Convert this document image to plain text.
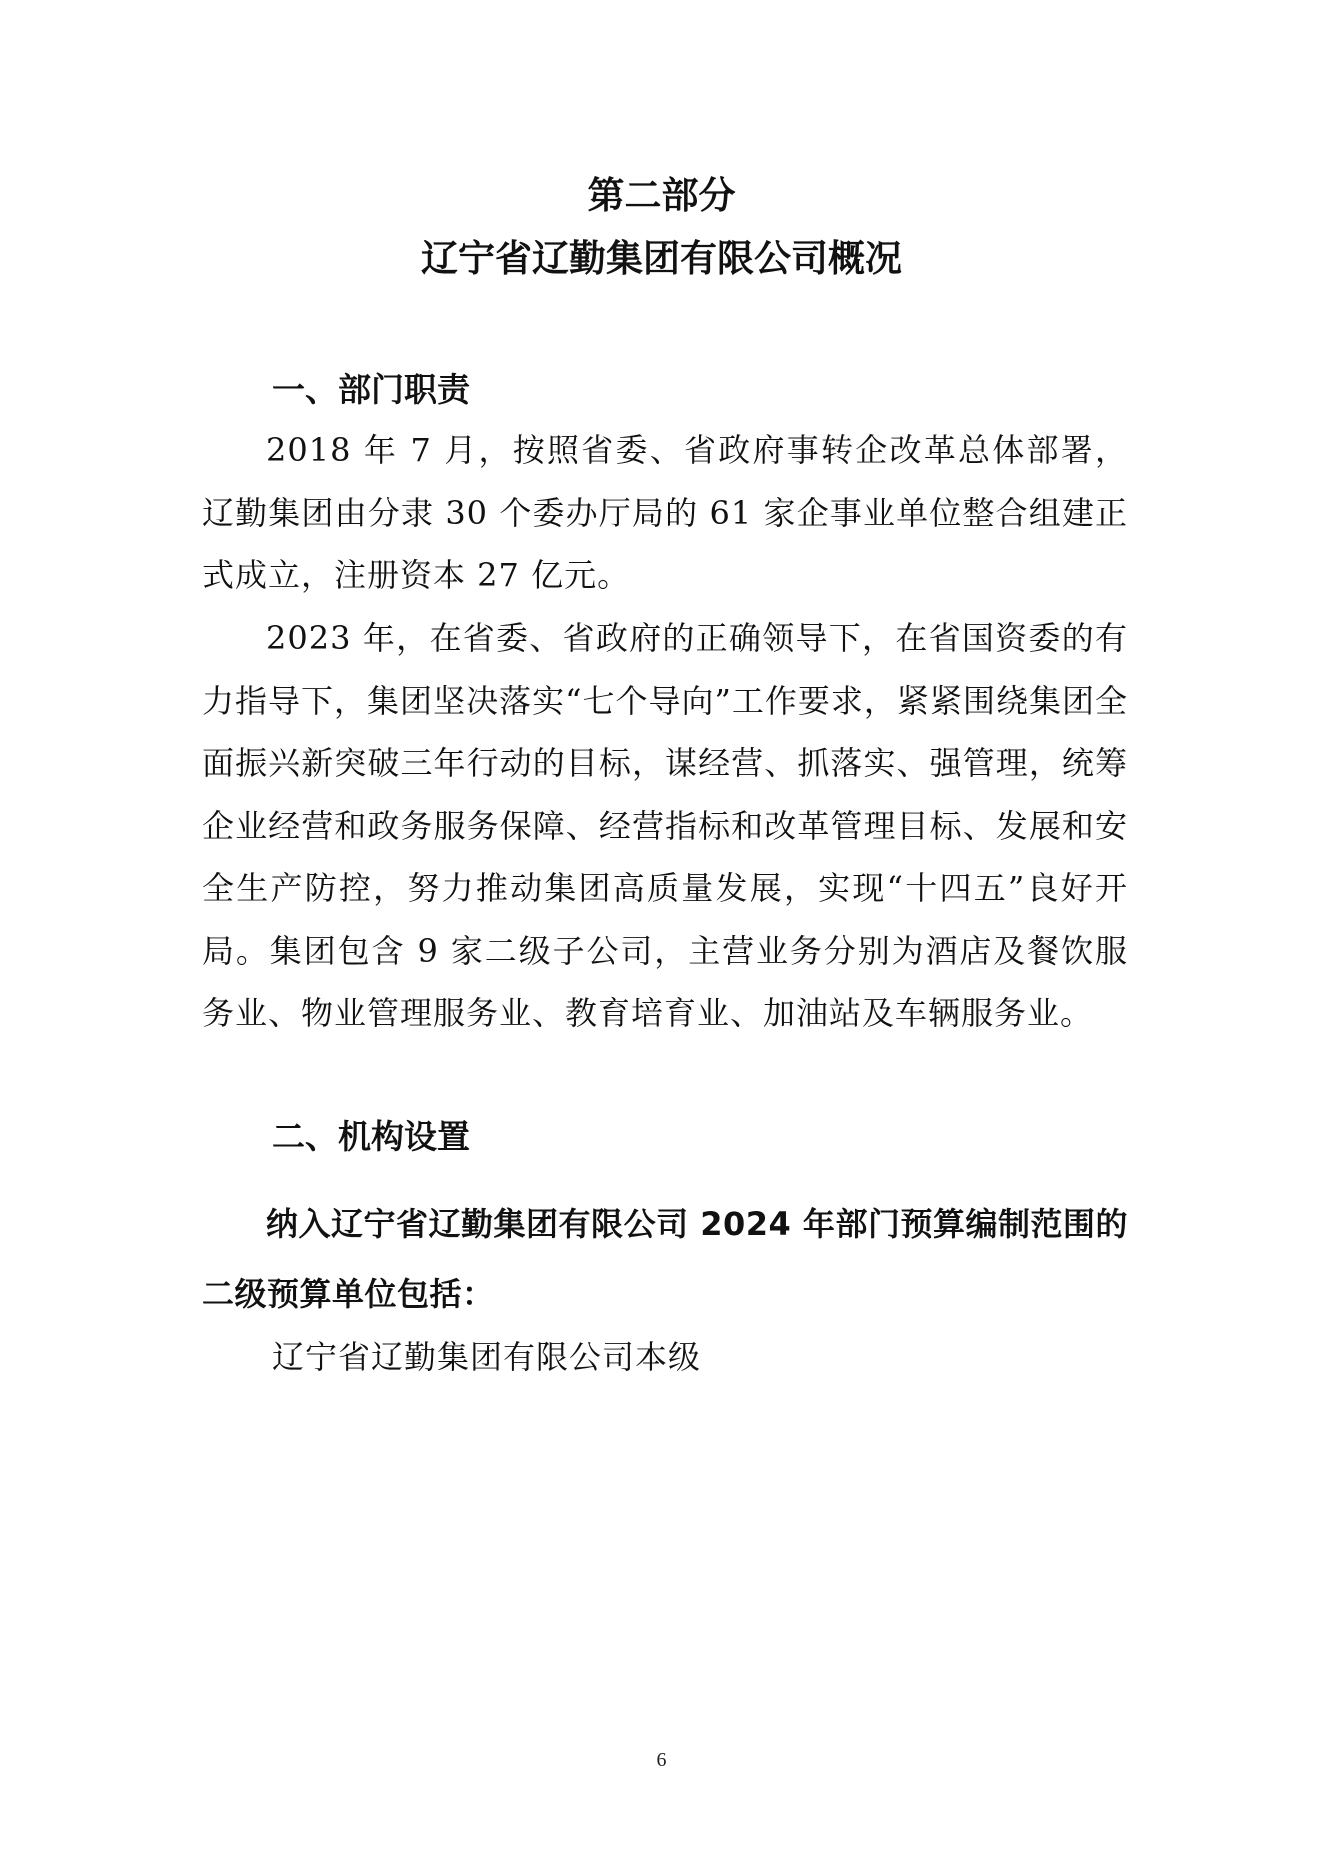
第二部分
辽宁省辽勤集团有限公司概况
一、部门职责

2018 年 7 月，按照省委、省政府事转企改革总体部署，辽勤集团由分隶 30 个委办厅局的 61 家企事业单位整合组建正式成立，注册资本 27 亿元。

2023 年，在省委、省政府的正确领导下，在省国资委的有力指导下，集团坚决落实“七个导向”工作要求，紧紧围绕集团全面振兴新突破三年行动的目标，谋经营、抓落实、强管理，统筹企业经营和政务服务保障、经营指标和改革管理目标、发展和安全生产防控，努力推动集团高质量发展，实现“十四五”良好开局。集团包含 9 家二级子公司，主营业务分别为酒店及餐饮服务业、物业管理服务业、教育培育业、加油站及车辆服务业。

二、机构设置

纳入辽宁省辽勤集团有限公司 2024 年部门预算编制范围的二级预算单位包括：

辽宁省辽勤集团有限公司本级
6
